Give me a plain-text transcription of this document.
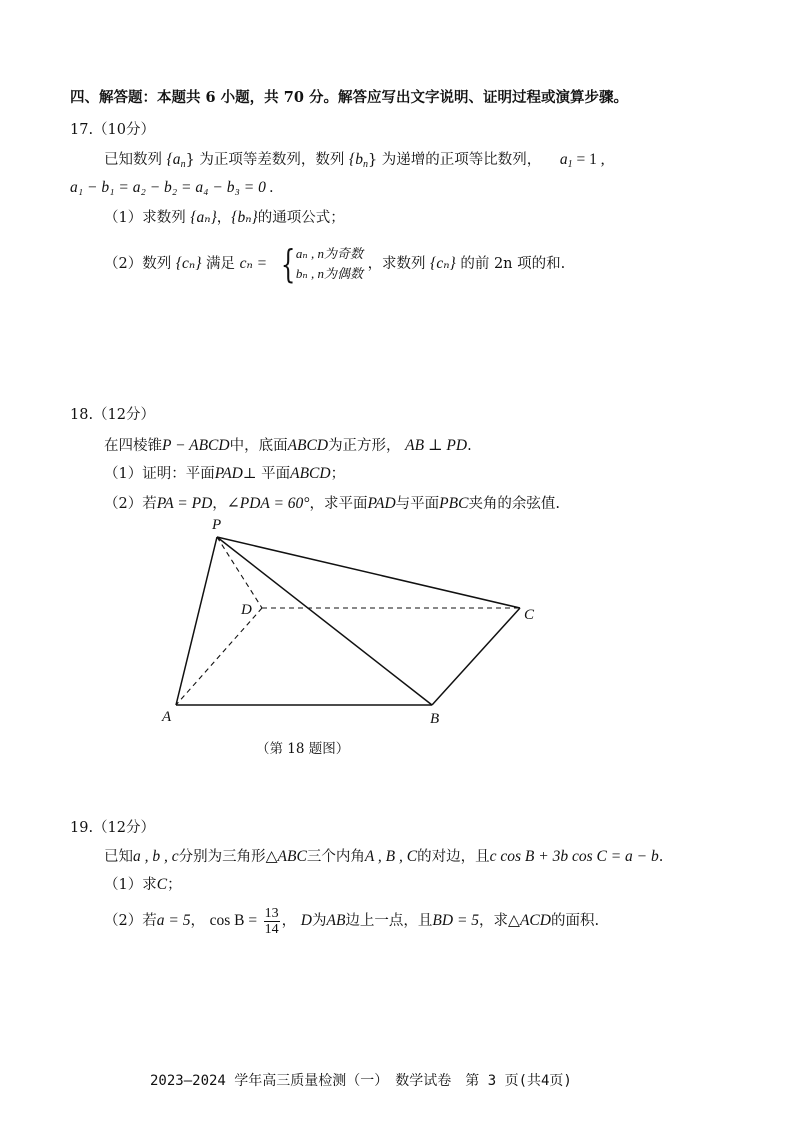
四、解答题：本题共 6 小题，共 70 分。解答应写出文字说明、证明过程或演算步骤。
17.（10分）
已知数列 $\{a_n\}$ 为正项等差数列，数列 $\{b_n\}$ 为递增的正项等比数列， $a_1 = 1$ ,
a₁ − b₁ = a₂ − b₂ = a₄ − b₃ = 0 .
（1）求数列 {aₙ}，{bₙ}的通项公式；
（2）数列 {cₙ} 满足 cₙ = { aₙ , n为奇数
bₙ , n为偶数
，求数列 {cₙ} 的前 2n 项的和.
18.（12分）
在四棱锥P − ABCD中，底面ABCD为正方形， AB ⊥ PD.
（1）证明：平面PAD⊥ 平面ABCD；
（2）若PA = PD，∠PDA = 60°，求平面PAD与平面PBC夹角的余弦值.
P
D	C
A	B
（第 18 题图）
19.（12分）
已知a , b , c分别为三角形△ABC三个内角A , B , C的对边，且c cos B + 3b cos C = a − b.
（1）求C；
（2）若a = 5， $\cos B = \frac{13}{14}$ ， D为AB边上一点，且BD = 5，求△ACD的面积.
2023—2024 学年高三质量检测（一）　数学试卷　第 3 页(共4页)
